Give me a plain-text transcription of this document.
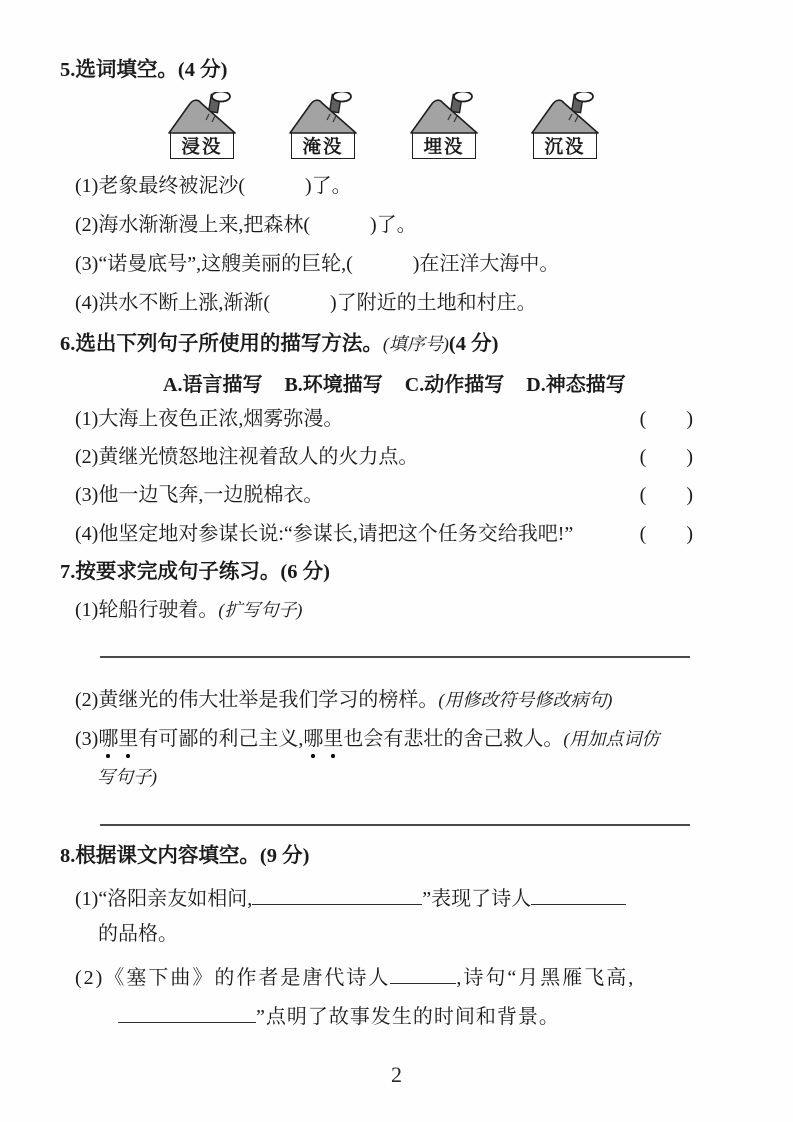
5.选词填空。(4 分)
浸没	淹没	埋没	沉没
(1)老象最终被泥沙(　　　)了。
(2)海水渐渐漫上来,把森林(　　　)了。
(3)“诺曼底号”,这艘美丽的巨轮,(　　　)在汪洋大海中。
(4)洪水不断上涨,渐渐(　　　)了附近的土地和村庄。
6.选出下列句子所使用的描写方法。(填序号)(4 分)
A.语言描写 B.环境描写 C.动作描写 D.神态描写
(1)大海上夜色正浓,烟雾弥漫。	(　　)
(2)黄继光愤怒地注视着敌人的火力点。	(　　)
(3)他一边飞奔,一边脱棉衣。	(　　)
(4)他坚定地对参谋长说:“参谋长,请把这个任务交给我吧!”	(　　)
7.按要求完成句子练习。(6 分)
(1)轮船行驶着。(扩写句子)
(2)黄继光的伟大壮举是我们学习的榜样。(用修改符号修改病句)
(3)哪里有可鄙的利己主义,哪里也会有悲壮的舍己救人。(用加点词仿
写句子)
8.根据课文内容填空。(9 分)
(1)“洛阳亲友如相问,	”表现了诗人
的品格。
(2)《塞下曲》的作者是唐代诗人	,诗句“月黑雁飞高,
”点明了故事发生的时间和背景。
2
